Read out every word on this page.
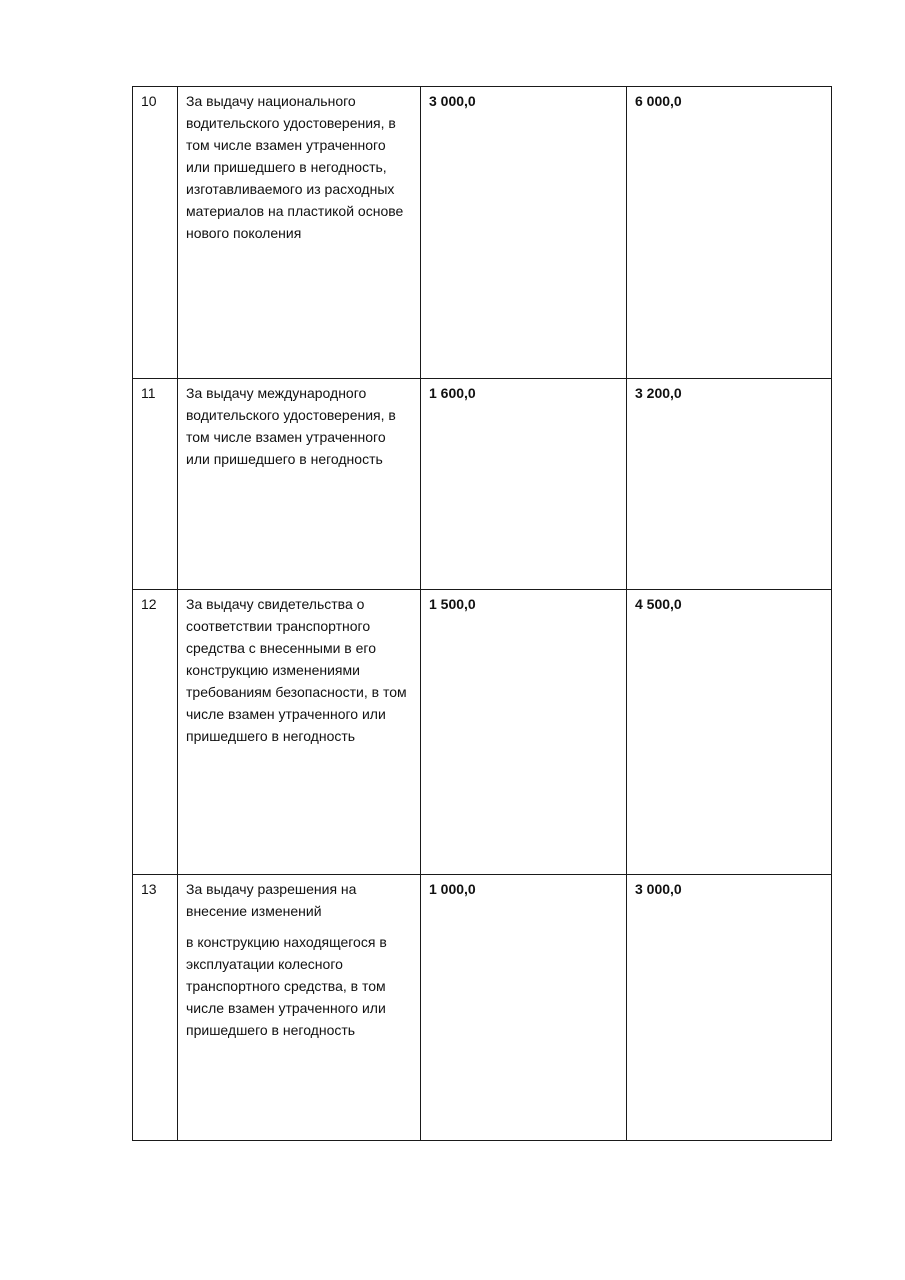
10	За выдачу национального водительского удостоверения, в том числе взамен утраченного или пришедшего в негодность, изготавливаемого из расходных материалов на пластикой основе нового поколения	3 000,0	6 000,0
11	За выдачу международного водительского удостоверения, в том числе взамен утраченного или пришедшего в негодность	1 600,0	3 200,0
12	За выдачу свидетельства о соответствии транспортного средства с внесенными в его конструкцию изменениями требованиям безопасности, в том числе взамен утраченного или пришедшего в негодность	1 500,0	4 500,0
13	За выдачу разрешения на внесение изменений

в конструкцию находящегося в эксплуатации колесного транспортного средства, в том числе взамен утраченного или пришедшего в негодность	1 000,0	3 000,0
